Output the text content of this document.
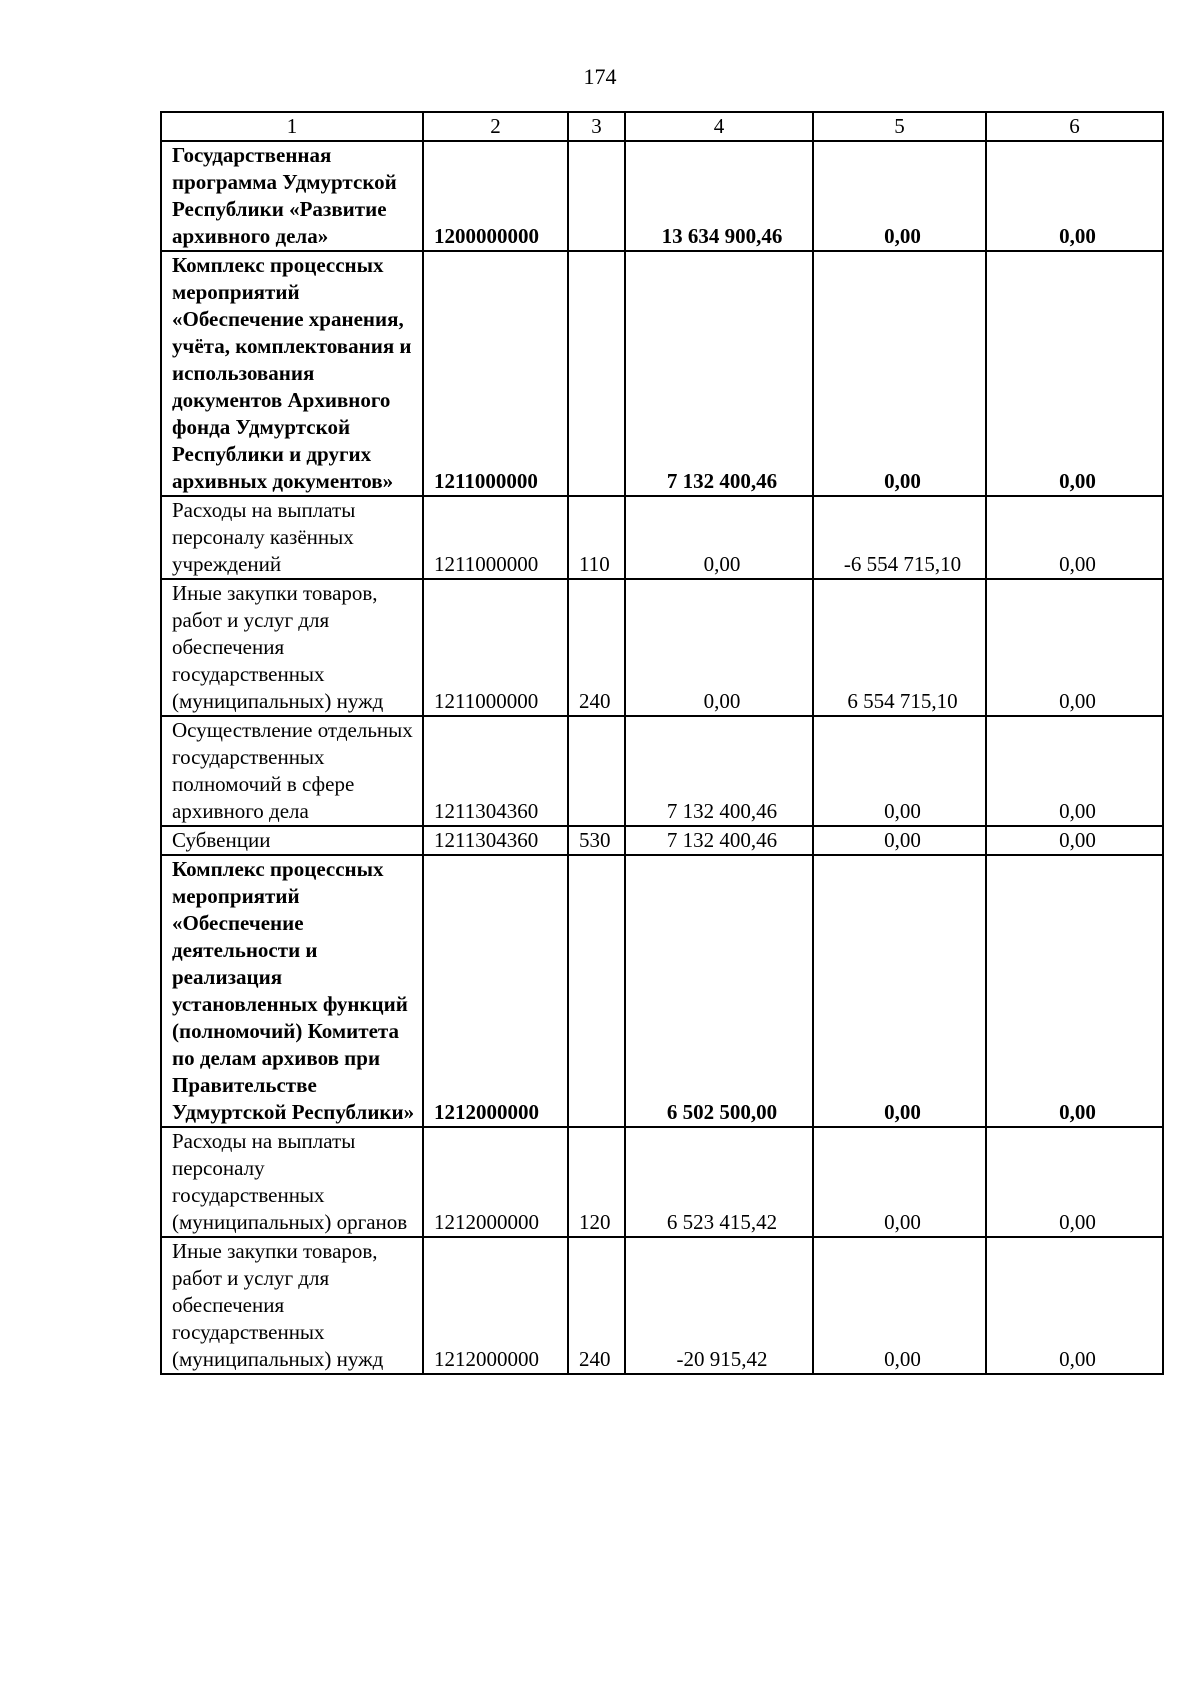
174
1	2	3	4	5	6
Государственная программа Удмуртской Республики «Развитие архивного дела»	1200000000		13 634 900,46	0,00	0,00
Комплекс процессных мероприятий «Обеспечение хранения, учёта, комплектования и использования документов Архивного фонда Удмуртской Республики и других архивных документов»	1211000000		7 132 400,46	0,00	0,00
Расходы на выплаты персоналу казённых учреждений	1211000000	110	0,00	-6 554 715,10	0,00
Иные закупки товаров, работ и услуг для обеспечения государственных (муниципальных) нужд	1211000000	240	0,00	6 554 715,10	0,00
Осуществление отдельных государственных полномочий в сфере архивного дела	1211304360		7 132 400,46	0,00	0,00
Субвенции	1211304360	530	7 132 400,46	0,00	0,00
Комплекс процессных мероприятий «Обеспечение деятельности и реализация установленных функций (полномочий) Комитета по делам архивов при Правительстве Удмуртской Республики»	1212000000		6 502 500,00	0,00	0,00
Расходы на выплаты персоналу государственных (муниципальных) органов	1212000000	120	6 523 415,42	0,00	0,00
Иные закупки товаров, работ и услуг для обеспечения государственных (муниципальных) нужд	1212000000	240	-20 915,42	0,00	0,00
